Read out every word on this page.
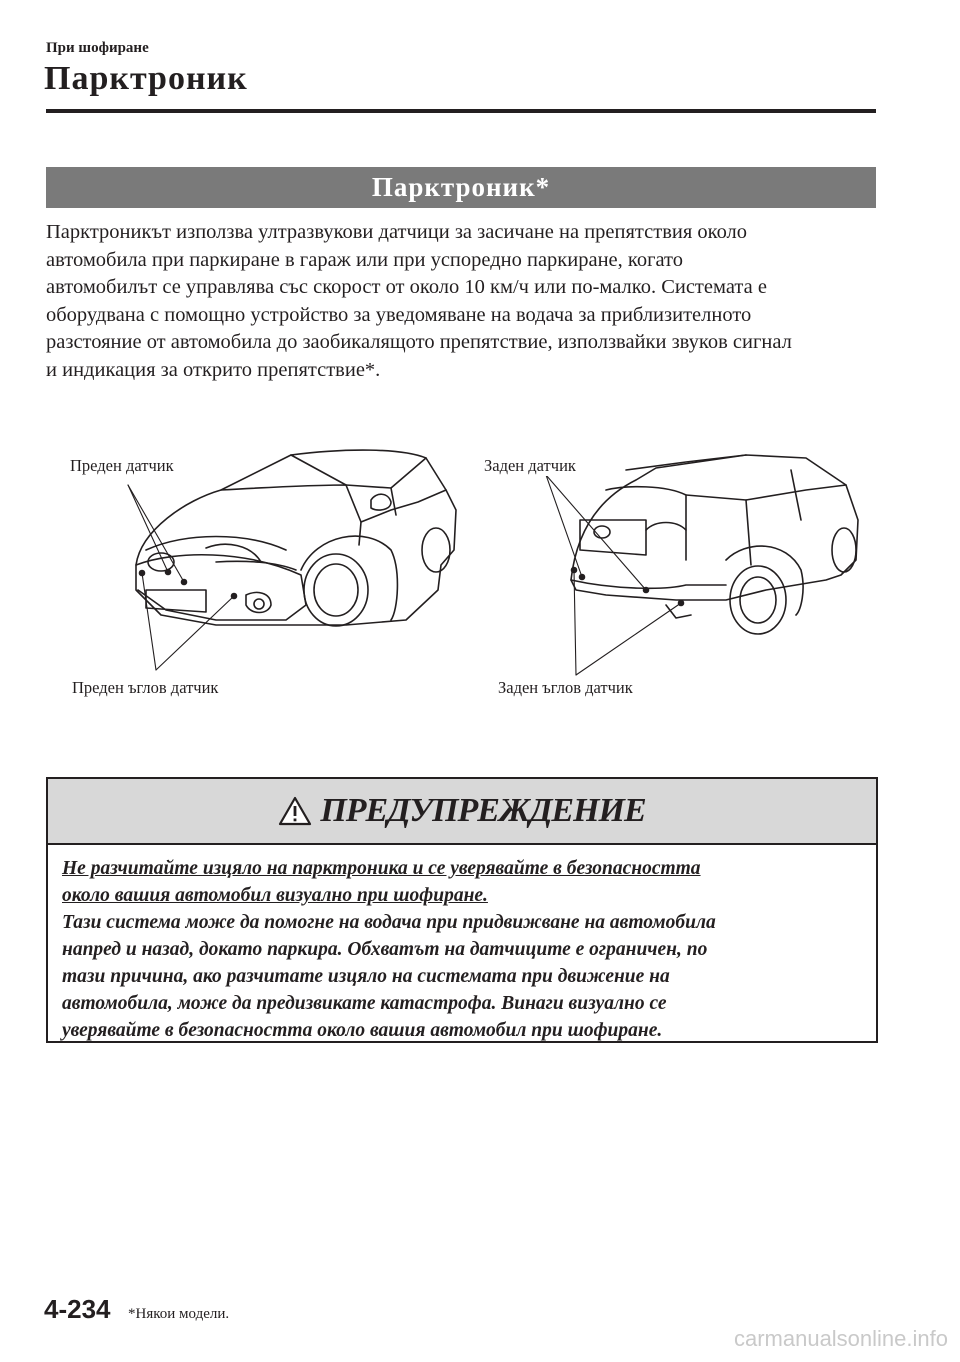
При шофиране
Парктроник
Парктроник*
Парктроникът използва ултразвукови датчици за засичане на препятствия около
автомобила при паркиране в гараж или при успоредно паркиране, когато
автомобилът се управлява със скорост от около 10 км/ч или по-малко. Системата е
оборудвана с помощно устройство за уведомяване на водача за приблизителното
разстояние от автомобила до заобикалящото препятствие, използвайки звуков сигнал
и индикация за открито препятствие*.
Преден датчик
Преден ъглов датчик
Заден датчик
Заден ъглов датчик
ПРЕДУПРЕЖДЕНИЕ
Не разчитайте изцяло на парктроника и се уверявайте в безопасността
около вашия автомобил визуално при шофиране.
Тази система може да помогне на водача при придвижване на автомобила
напред и назад, докато паркира. Обхватът на датчиците е ограничен, по
тази причина, ако разчитате изцяло на системата при движение на
автомобила, може да предизвикате катастрофа. Винаги визуално се
уверявайте в безопасността около вашия автомобил при шофиране.
4-234 *Някои модели.
carmanualsonline.info
